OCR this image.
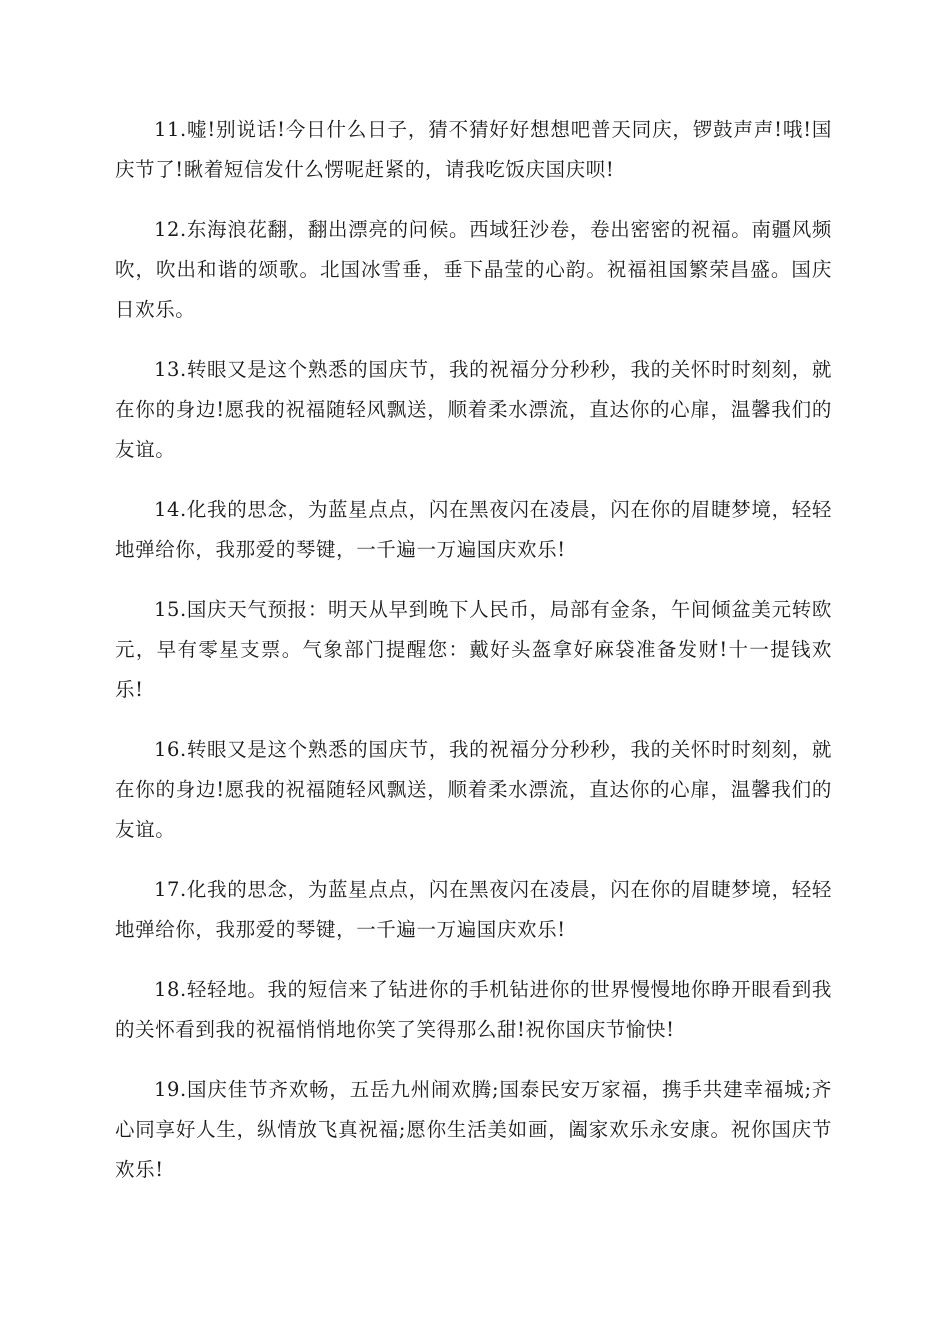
11.嘘!别说话!今日什么日子，猜不猜好好想想吧普天同庆，锣鼓声声!哦!国庆节了!瞅着短信发什么愣呢赶紧的，请我吃饭庆国庆呗!

12.东海浪花翻，翻出漂亮的问候。西域狂沙卷，卷出密密的祝福。南疆风频吹，吹出和谐的颂歌。北国冰雪垂，垂下晶莹的心韵。祝福祖国繁荣昌盛。国庆日欢乐。

13.转眼又是这个熟悉的国庆节，我的祝福分分秒秒，我的关怀时时刻刻，就在你的身边!愿我的祝福随轻风飘送，顺着柔水漂流，直达你的心扉，温馨我们的友谊。

14.化我的思念，为蓝星点点，闪在黑夜闪在凌晨，闪在你的眉睫梦境，轻轻地弹给你，我那爱的琴键，一千遍一万遍国庆欢乐!

15.国庆天气预报：明天从早到晚下人民币，局部有金条，午间倾盆美元转欧元，早有零星支票。气象部门提醒您：戴好头盔拿好麻袋准备发财!十一提钱欢乐!

16.转眼又是这个熟悉的国庆节，我的祝福分分秒秒，我的关怀时时刻刻，就在你的身边!愿我的祝福随轻风飘送，顺着柔水漂流，直达你的心扉，温馨我们的友谊。

17.化我的思念，为蓝星点点，闪在黑夜闪在凌晨，闪在你的眉睫梦境，轻轻地弹给你，我那爱的琴键，一千遍一万遍国庆欢乐!

18.轻轻地。我的短信来了钻进你的手机钻进你的世界慢慢地你睁开眼看到我的关怀看到我的祝福悄悄地你笑了笑得那么甜!祝你国庆节愉快!

19.国庆佳节齐欢畅，五岳九州闹欢腾;国泰民安万家福，携手共建幸福城;齐心同享好人生，纵情放飞真祝福;愿你生活美如画，阖家欢乐永安康。祝你国庆节欢乐!
